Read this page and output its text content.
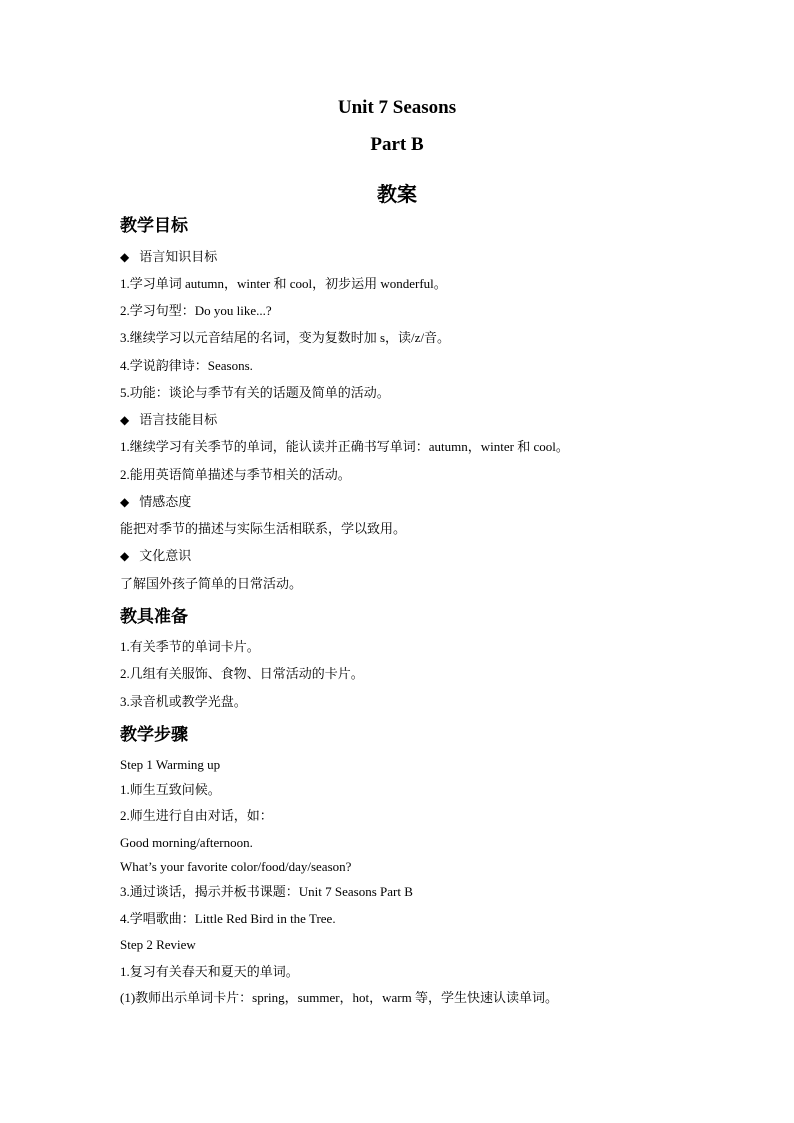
Unit 7 Seasons
Part B
教案
教学目标

◆ 语言知识目标

1.学习单词 autumn，winter 和 cool，初步运用 wonderful。

2.学习句型：Do you like...?

3.继续学习以元音结尾的名词，变为复数时加 s，读/z/音。

4.学说韵律诗：Seasons.

5.功能：谈论与季节有关的话题及简单的活动。

◆ 语言技能目标

1.继续学习有关季节的单词，能认读并正确书写单词：autumn，winter 和 cool。

2.能用英语简单描述与季节相关的活动。

◆ 情感态度

能把对季节的描述与实际生活相联系，学以致用。

◆ 文化意识

了解国外孩子简单的日常活动。

教具准备

1.有关季节的单词卡片。

2.几组有关服饰、食物、日常活动的卡片。

3.录音机或教学光盘。

教学步骤

Step 1 Warming up

1.师生互致问候。

2.师生进行自由对话，如：

Good morning/afternoon.

What’s your favorite color/food/day/season?

3.通过谈话，揭示并板书课题：Unit 7 Seasons Part B

4.学唱歌曲：Little Red Bird in the Tree.

Step 2 Review

1.复习有关春天和夏天的单词。

(1)教师出示单词卡片：spring，summer，hot，warm 等，学生快速认读单词。
